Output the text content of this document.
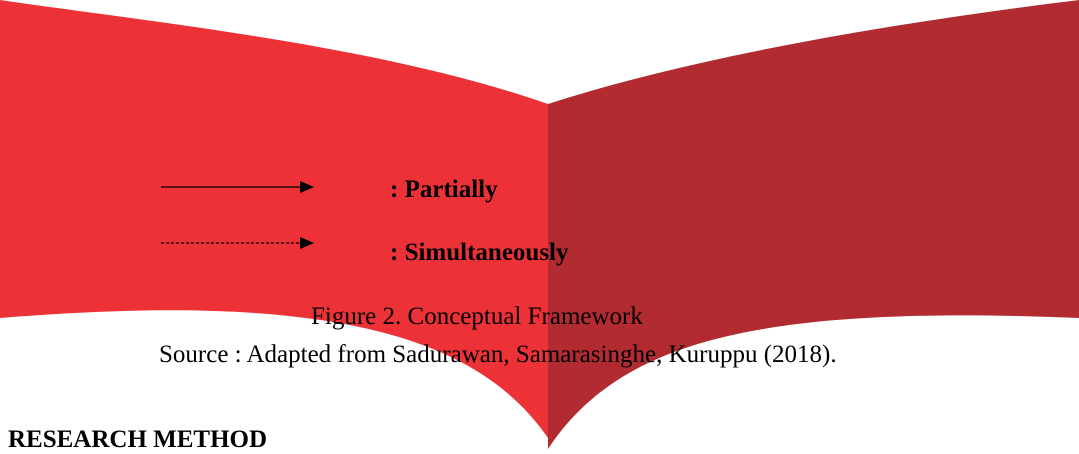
: Partially
: Simultaneously
Figure 2. Conceptual Framework
Source : Adapted from Sadurawan, Samarasinghe, Kuruppu (2018).
RESEARCH METHOD
